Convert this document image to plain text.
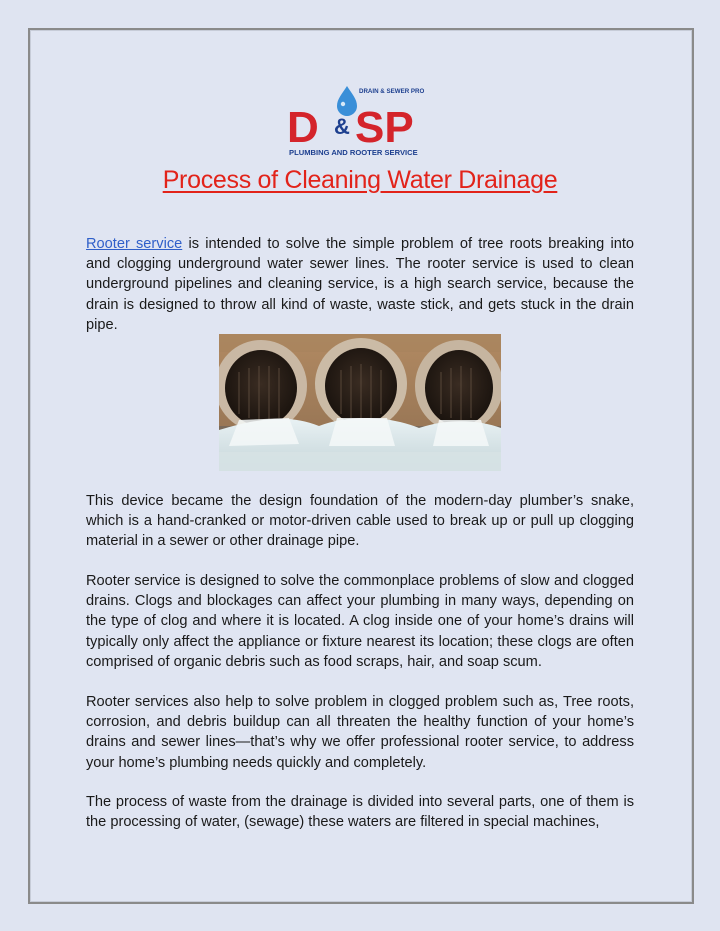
DRAIN & SEWER PRO
D & SP
PLUMBING AND ROOTER SERVICE
Process of Cleaning Water Drainage

Rooter service is intended to solve the simple problem of tree roots breaking into and clogging underground water sewer lines. The rooter service is used to clean underground pipelines and cleaning service, is a high search service, because the drain is designed to throw all kind of waste, waste stick, and gets stuck in the drain pipe.

This device became the design foundation of the modern-day plumber’s snake, which is a hand-cranked or motor-driven cable used to break up or pull up clogging material in a sewer or other drainage pipe.

Rooter service is designed to solve the commonplace problems of slow and clogged drains. Clogs and blockages can affect your plumbing in many ways, depending on the type of clog and where it is located. A clog inside one of your home’s drains will typically only affect the appliance or fixture nearest its location; these clogs are often comprised of organic debris such as food scraps, hair, and soap scum.

Rooter services also help to solve problem in clogged problem such as, Tree roots, corrosion, and debris buildup can all threaten the healthy function of your home’s drains and sewer lines—that’s why we offer professional rooter service, to address your home’s plumbing needs quickly and completely.

The process of waste from the drainage is divided into several parts, one of them is the processing of water, (sewage) these waters are filtered in special machines,
